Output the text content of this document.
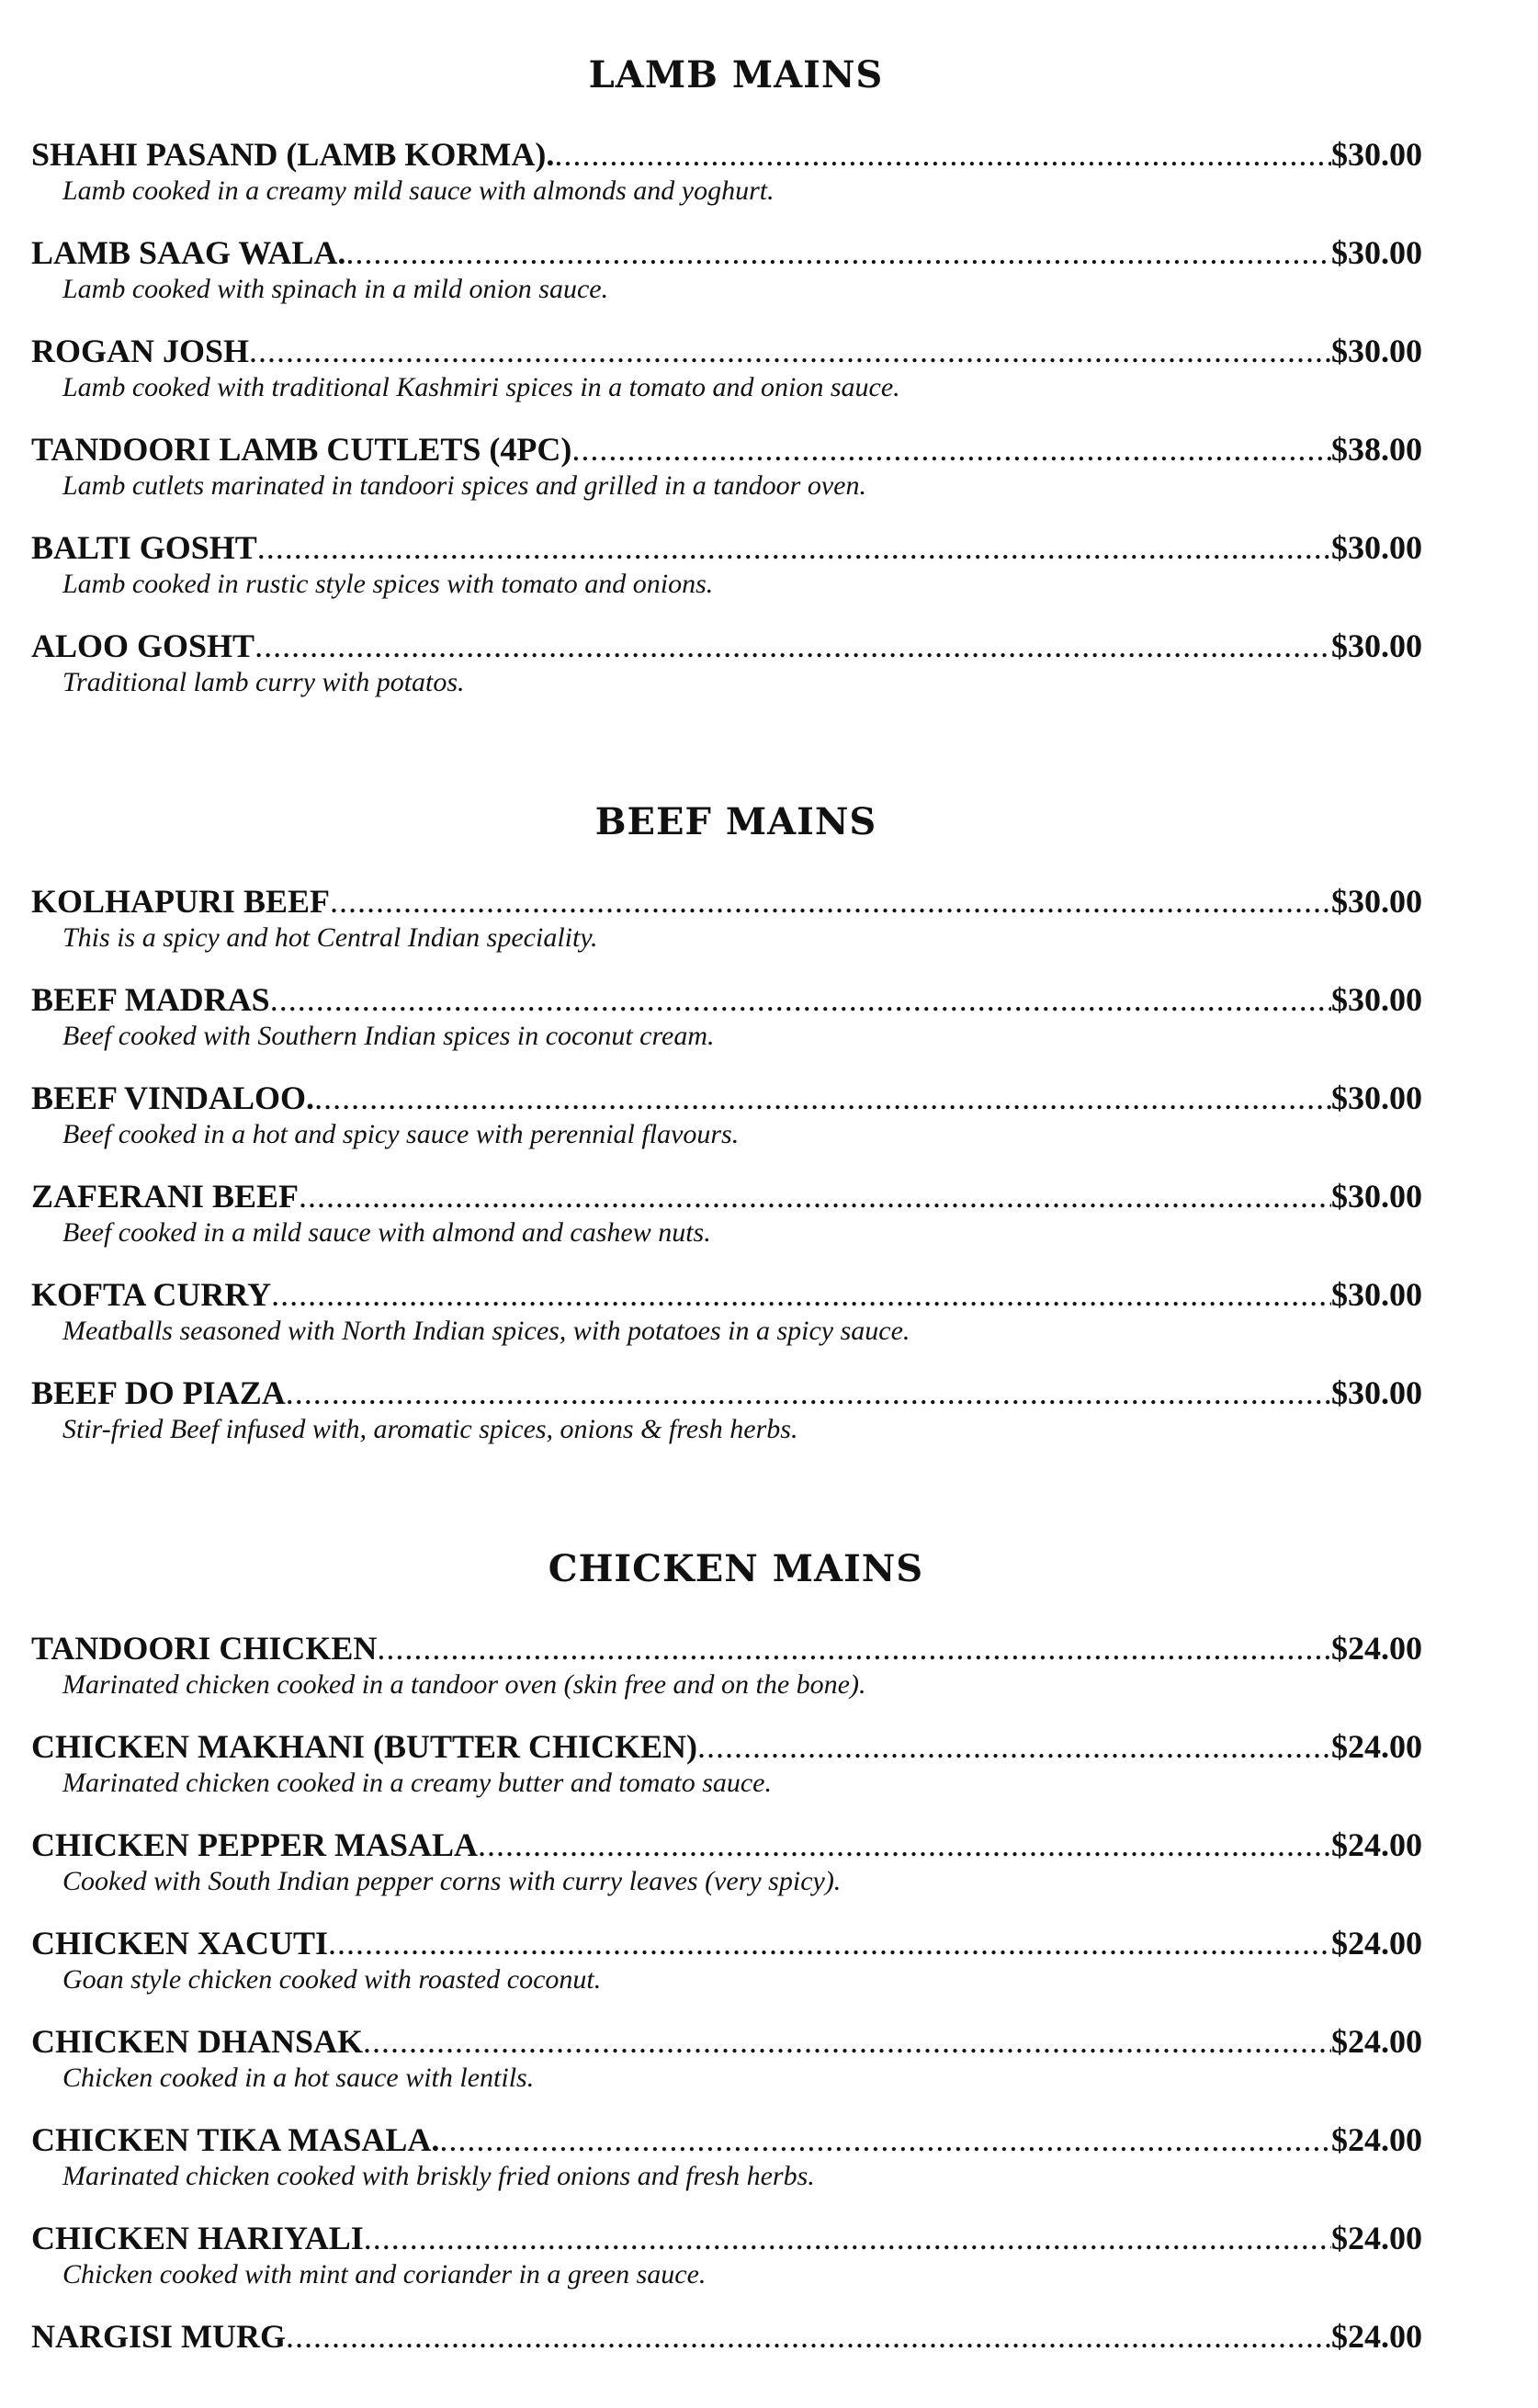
LAMB MAINS
SHAHI PASAND (LAMB KORMA). .....	$30.00
Lamb cooked in a creamy mild sauce with almonds and yoghurt.
LAMB SAAG WALA. .....	$30.00
Lamb cooked with spinach in a mild onion sauce.
ROGAN JOSH .....	$30.00
Lamb cooked with traditional Kashmiri spices in a tomato and onion sauce.
TANDOORI LAMB CUTLETS (4PC) .....	$38.00
Lamb cutlets marinated in tandoori spices and grilled in a tandoor oven.
BALTI GOSHT .....	$30.00
Lamb cooked in rustic style spices with tomato and onions.
ALOO GOSHT .....	$30.00
Traditional lamb curry with potatos.
BEEF MAINS
KOLHAPURI BEEF .....	$30.00
This is a spicy and hot Central Indian speciality.
BEEF MADRAS .....	$30.00
Beef cooked with Southern Indian spices in coconut cream.
BEEF VINDALOO. .....	$30.00
Beef cooked in a hot and spicy sauce with perennial flavours.
ZAFERANI BEEF .....	$30.00
Beef cooked in a mild sauce with almond and cashew nuts.
KOFTA CURRY .....	$30.00
Meatballs seasoned with North Indian spices, with potatoes in a spicy sauce.
BEEF DO PIAZA .....	$30.00
Stir-fried Beef infused with, aromatic spices, onions & fresh herbs.
CHICKEN MAINS
TANDOORI CHICKEN .....	$24.00
Marinated chicken cooked in a tandoor oven (skin free and on the bone).
CHICKEN MAKHANI (BUTTER CHICKEN) .....	$24.00
Marinated chicken cooked in a creamy butter and tomato sauce.
CHICKEN PEPPER MASALA .....	$24.00
Cooked with South Indian pepper corns with curry leaves (very spicy).
CHICKEN XACUTI .....	$24.00
Goan style chicken cooked with roasted coconut.
CHICKEN DHANSAK .....	$24.00
Chicken cooked in a hot sauce with lentils.
CHICKEN TIKA MASALA. .....	$24.00
Marinated chicken cooked with briskly fried onions and fresh herbs.
CHICKEN HARIYALI .....	$24.00
Chicken cooked with mint and coriander in a green sauce.
NARGISI MURG .....	$24.00
